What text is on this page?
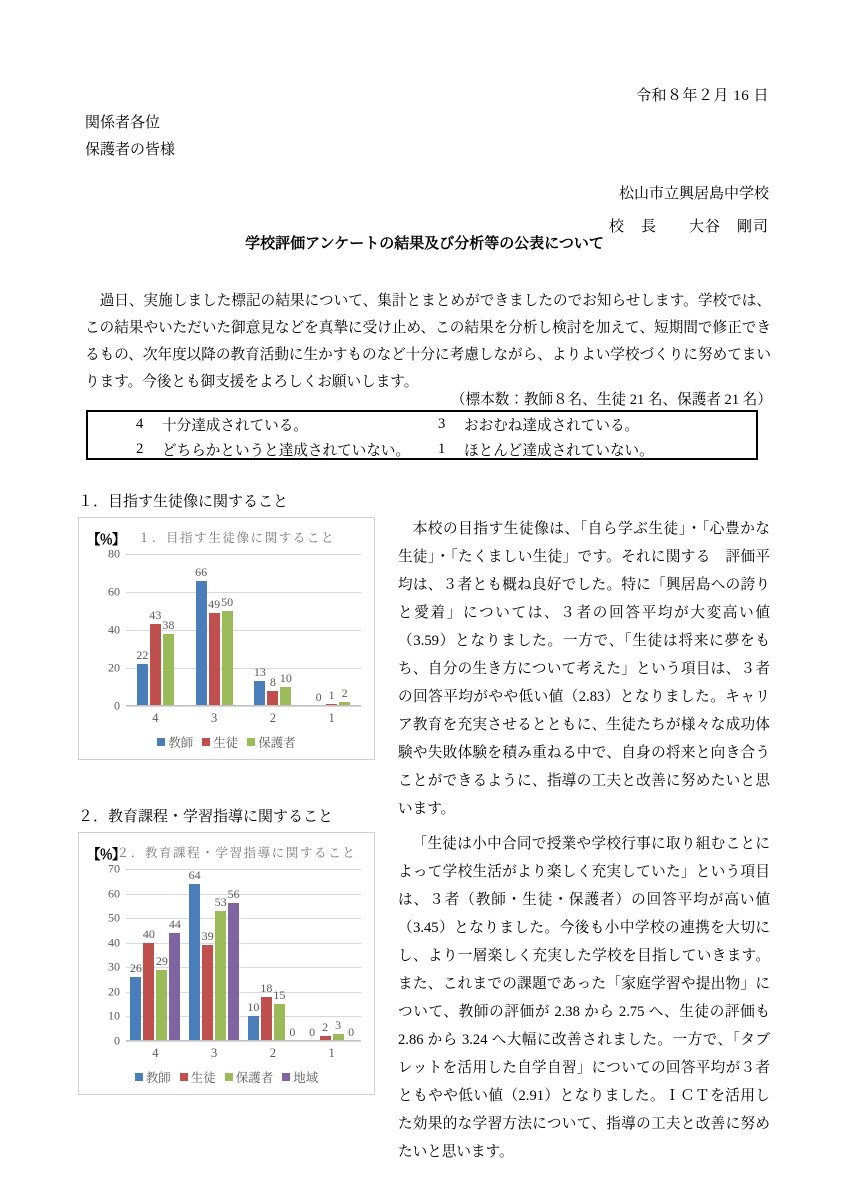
令和８年２月 16 日
関係者各位
保護者の皆様
松山市立興居島中学校
校　長　　大谷　剛司
学校評価アンケートの結果及び分析等の公表について

過日、実施しました標記の結果について、集計とまとめができましたのでお知らせします。学校では、この結果やいただいた御意見などを真摯に受け止め、この結果を分析し検討を加えて、短期間で修正できるもの、次年度以降の教育活動に生かすものなど十分に考慮しながら、よりよい学校づくりに努めてまいります。今後とも御支援をよろしくお願いします。

（標本数：教師８名、生徒 21 名、保護者 21 名）
4	十分達成されている。	3	おおむね達成されている。
2	どちらかというと達成されていない。 1	ほとんど達成されていない。
１．目指す生徒像に関すること
【％】	１．目指す生徒像に関すること
0
20
40
60
80
22
43
38
4
66
49 50
3
13
8 10
2
0 1 2
1
教師 生徒 保護者

本校の目指す生徒像は、「自ら学ぶ生徒」・「心豊かな生徒」・「たくましい生徒」です。それに関する　評価平均は、３者とも概ね良好でした。特に「興居島への誇りと愛着」については、３者の回答平均が大変高い値（3.59）となりました。一方で、「生徒は将来に夢をもち、自分の生き方について考えた」という項目は、３者の回答平均がやや低い値（2.83）となりました。キャリア教育を充実させるとともに、生徒たちが様々な成功体験や失敗体験を積み重ねる中で、自身の将来と向き合うことができるように、指導の工夫と改善に努めたいと思います。

２．教育課程・学習指導に関すること
【％】
２．教育課程・学習指導に関すること
0
10
20
30
40
50
60
70
26
40
29
44
4
64
39
53
56
3
10
18
15
0
2
0 2 3
0
1
教師 生徒 保護者 地域

「生徒は小中合同で授業や学校行事に取り組むことによって学校生活がより楽しく充実していた」という項目は、３者（教師・生徒・保護者）の回答平均が高い値（3.45）となりました。今後も小中学校の連携を大切にし、より一層楽しく充実した学校を目指していきます。また、これまでの課題であった「家庭学習や提出物」について、教師の評価が 2.38 から 2.75 へ、生徒の評価も 2.86 から 3.24 へ大幅に改善されました。一方で、「タブレットを活用した自学自習」についての回答平均が３者ともやや低い値（2.91）となりました。ＩＣＴを活用した効果的な学習方法について、指導の工夫と改善に努めたいと思います。
